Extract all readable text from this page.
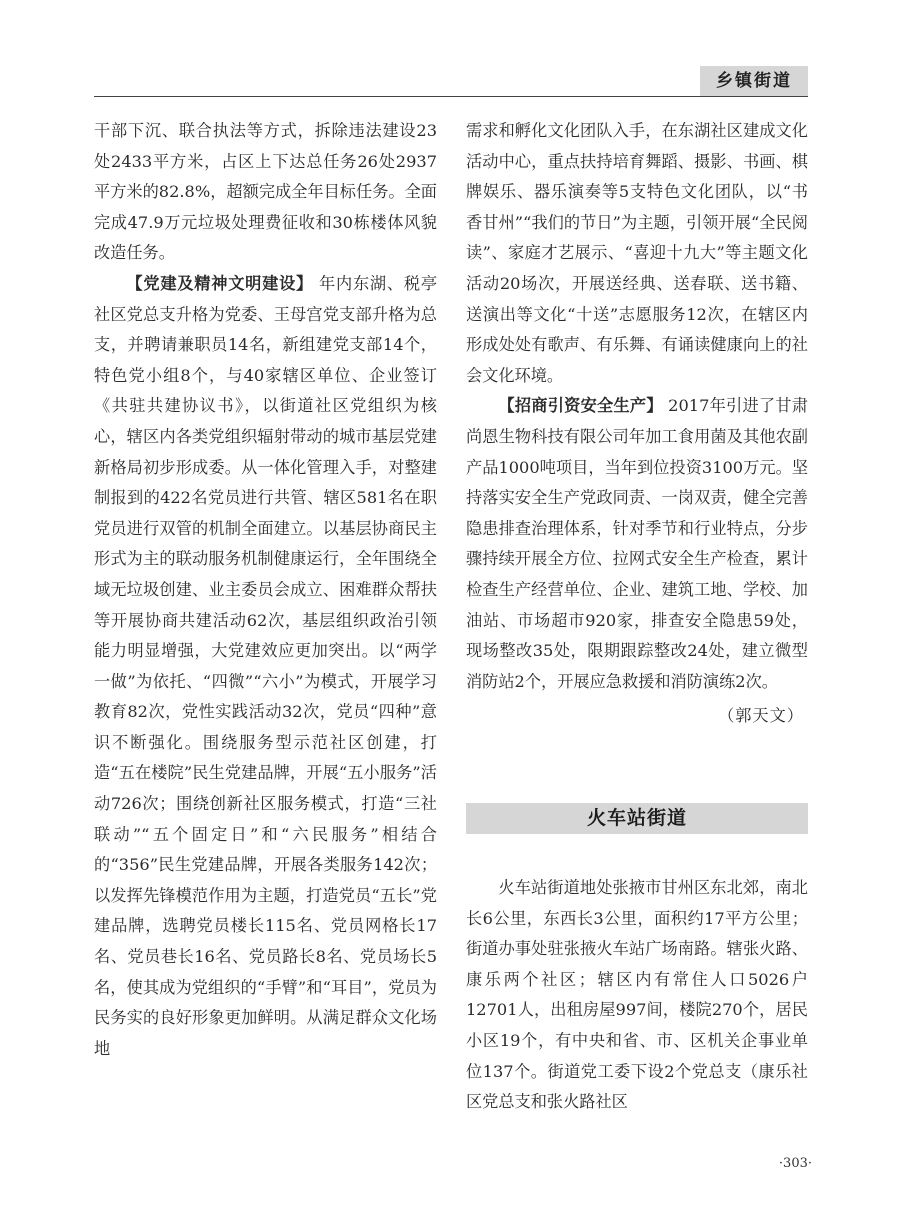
乡镇街道

干部下沉、联合执法等方式，拆除违法建设23处2433平方米，占区上下达总任务26处2937平方米的82.8%，超额完成全年目标任务。全面完成47.9万元垃圾处理费征收和30栋楼体风貌改造任务。

【党建及精神文明建设】 年内东湖、税亭社区党总支升格为党委、王母宫党支部升格为总支，并聘请兼职员14名，新组建党支部14个，特色党小组8个，与40家辖区单位、企业签订《共驻共建协议书》，以街道社区党组织为核心，辖区内各类党组织辐射带动的城市基层党建新格局初步形成委。从一体化管理入手，对整建制报到的422名党员进行共管、辖区581名在职党员进行双管的机制全面建立。以基层协商民主形式为主的联动服务机制健康运行，全年围绕全域无垃圾创建、业主委员会成立、困难群众帮扶等开展协商共建活动62次，基层组织政治引领能力明显增强，大党建效应更加突出。以“两学一做”为依托、“四微”“六小”为模式，开展学习教育82次，党性实践活动32次，党员“四种”意识不断强化。围绕服务型示范社区创建，打造“五在楼院”民生党建品牌，开展“五小服务”活动726次；围绕创新社区服务模式，打造“三社联动”“五个固定日”和“六民服务”相结合的“356”民生党建品牌，开展各类服务142次；以发挥先锋模范作用为主题，打造党员“五长”党建品牌，选聘党员楼长115名、党员网格长17名、党员巷长16名、党员路长8名、党员场长5名，使其成为党组织的“手臂”和“耳目”，党员为民务实的良好形象更加鲜明。从满足群众文化场地

需求和孵化文化团队入手，在东湖社区建成文化活动中心，重点扶持培育舞蹈、摄影、书画、棋牌娱乐、器乐演奏等5支特色文化团队，以“书香甘州”“我们的节日”为主题，引领开展“全民阅读”、家庭才艺展示、“喜迎十九大”等主题文化活动20场次，开展送经典、送春联、送书籍、送演出等文化“十送”志愿服务12次，在辖区内形成处处有歌声、有乐舞、有诵读健康向上的社会文化环境。

【招商引资安全生产】 2017年引进了甘肃尚恩生物科技有限公司年加工食用菌及其他农副产品1000吨项目，当年到位投资3100万元。坚持落实安全生产党政同责、一岗双责，健全完善隐患排查治理体系，针对季节和行业特点，分步骤持续开展全方位、拉网式安全生产检查，累计检查生产经营单位、企业、建筑工地、学校、加油站、市场超市920家，排查安全隐患59处，现场整改35处，限期跟踪整改24处，建立微型消防站2个，开展应急救援和消防演练2次。

（郭天文）

火车站街道

火车站街道地处张掖市甘州区东北郊，南北长6公里，东西长3公里，面积约17平方公里；街道办事处驻张掖火车站广场南路。辖张火路、康乐两个社区；辖区内有常住人口5026户12701人，出租房屋997间，楼院270个，居民小区19个，有中央和省、市、区机关企事业单位137个。街道党工委下设2个党总支（康乐社区党总支和张火路社区

·303·
